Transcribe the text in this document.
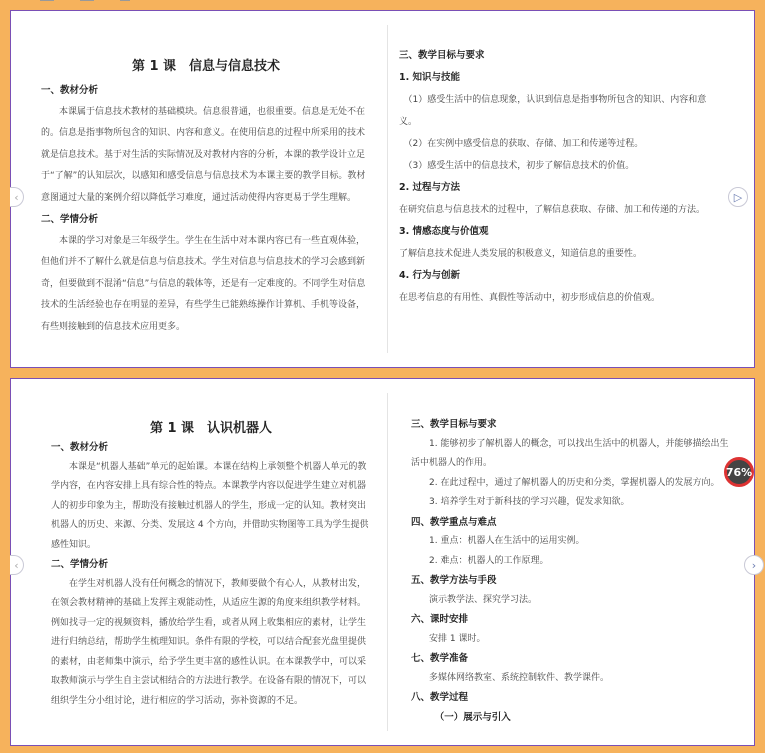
第 1 课　信息与信息技术
一、教材分析
　　本课属于信息技术教材的基础模块。信息很普通，也很重要。信息是无处不在的。信息是指事物所包含的知识、内容和意义。在使用信息的过程中所采用的技术就是信息技术。基于对生活的实际情况及对教材内容的分析，本课的教学设计立足于“了解”的认知层次，以感知和感受信息与信息技术为本课主要的教学目标。教材意图通过大量的案例介绍以降低学习难度，通过活动使得内容更易于学生理解。
二、学情分析
　　本课的学习对象是三年级学生。学生在生活中对本课内容已有一些直观体验，但他们并不了解什么就是信息与信息技术。学生对信息与信息技术的学习会感到新奇，但要做到不混淆“信息”与信息的载体等，还是有一定难度的。不同学生对信息技术的生活经验也存在明显的差异，有些学生已能熟练操作计算机、手机等设备，有些则接触到的信息技术应用更多。
三、教学目标与要求
1. 知识与技能
　（1）感受生活中的信息现象，认识到信息是指事物所包含的知识、内容和意义。
　（2）在实例中感受信息的获取、存储、加工和传递等过程。
　（3）感受生活中的信息技术，初步了解信息技术的价值。
2. 过程与方法
在研究信息与信息技术的过程中，了解信息获取、存储、加工和传递的方法。
3. 情感态度与价值观
了解信息技术促进人类发展的积极意义，知道信息的重要性。
4. 行为与创新
在思考信息的有用性、真假性等活动中，初步形成信息的价值观。
▷
‹
第 1 课　认识机器人
一、教材分析
　　本课是“机器人基础”单元的起始课。本课在结构上承领整个机器人单元的教学内容，在内容安排上具有综合性的特点。本课教学内容以促进学生建立对机器人的初步印象为主，帮助没有接触过机器人的学生，形成一定的认知。教材突出机器人的历史、来源、分类、发展这 4 个方向，并借助实物图等工具为学生提供感性知识。
二、学情分析
　　在学生对机器人没有任何概念的情况下，教师要做个有心人，从教材出发，在领会教材精神的基础上发挥主观能动性，从适应生源的角度来组织教学材料。例如找寻一定的视频资料，播放给学生看，或者从网上收集相应的素材，让学生进行归纳总结，帮助学生梳理知识。条件有限的学校，可以结合配套光盘里提供的素材，由老师集中演示，给予学生更丰富的感性认识。在本课教学中，可以采取教师演示与学生自主尝试相结合的方法进行教学。在设备有限的情况下，可以组织学生分小组讨论，进行相应的学习活动，弥补资源的不足。
三、教学目标与要求
　　1. 能够初步了解机器人的概念，可以找出生活中的机器人，并能够描绘出生活中机器人的作用。
　　2. 在此过程中，通过了解机器人的历史和分类，掌握机器人的发展方向。
　　3. 培养学生对于新科技的学习兴趣，促发求知欲。
四、教学重点与难点
　　1. 重点：机器人在生活中的运用实例。
　　2. 难点：机器人的工作原理。
五、教学方法与手段
　　演示教学法、探究学习法。
六、课时安排
　　安排 1 课时。
七、教学准备
　　多媒体网络教室、系统控制软件、教学课件。
八、教学过程
　　　（一）展示与引入
›
‹
76%
